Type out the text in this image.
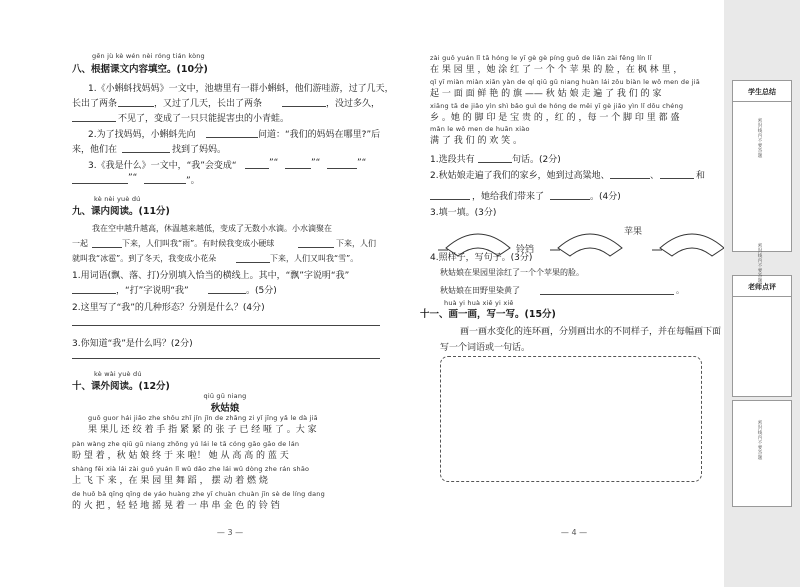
gēn jù kè wén nèi róng tián kòng
八、根据课文内容填空。(10分)
1.《小蝌蚪找妈妈》一文中，池塘里有一群小蝌蚪，他们游哇游，过了几天，
长出了两条	，又过了几天，长出了两条	，没过多久，
不见了，变成了一只只能捉害虫的小青蛙。
2.为了找妈妈，小蝌蚪先向	问道：“我们的妈妈在哪里?”后
来，他们在	找到了妈妈。
3.《我是什么》一文中，“我”会变成“	”“	”“	”“
”“	”。
kè nèi yuè dú
九、课内阅读。(11分)
我在空中越升越高，休温越来越低，变成了无数小水滴。小水滴聚在
一起	下来，人们叫我“雨”。有时候我变成小硬球	下来，人们
就叫我“冰雹”。到了冬天，我变成小花朵	下来，人们又叫我“雪”。
1.用词语(飘、落、打)分别填入恰当的横线上。其中，“飘”字说明“我”
，“打”字说明“我”	。(5分)
2.这里写了“我”的几种形态？分别是什么？(4分)
3.你知道“我”是什么吗？(2分)
kè wài yuè dú
十、课外阅读。(12分)
qiū gū niang
秋姑娘
guǒ guor hái jiǎo zhe shǒu zhǐ jǐn jǐn de zhāng zi yǐ jīng yǎ le dà jiā
果 果儿 还 绞 着 手 指 紧 紧 的 张 子 已 经 哑 了 。大 家
pàn wàng zhe qiū gū niang zhōng yú lái le tā cóng gāo gāo de lán
盼 望 着 ，秋 姑 娘 终 于 来 啦！ 她 从 高 高 的 蓝 天
shàng fēi xià lái zài guǒ yuán lǐ wǔ dǎo zhe lái wǔ dòng zhe rán shāo
上 飞 下 来 ，在 果 园 里 舞 蹈 ， 摆 动 着 燃 烧
de huǒ bǎ qīng qīng de yáo huàng zhe yī chuàn chuàn jīn sè de líng dang
的 火 把 ，轻 轻 地 摇 晃 着 一 串 串 金 色 的 铃 铛
— 3 —
zài guǒ yuán lǐ tā hóng le yī gè gè píng guǒ de liǎn zài fēng lín lǐ
在 果 园 里 ，她 涂 红 了 一 个 个 苹 果 的 脸 ，在 枫 林 里 ，
qǐ yī miàn miàn xiān yàn de qí qiū gū niang huàn lái zǒu biàn le wǒ men de jiā
起 一 面 面 鲜 艳 的 旗 —— 秋 姑 娘 走 遍 了 我 们 的 家
xiāng tā de jiǎo yìn shì bǎo guì de hóng de měi yī gè jiǎo yìn lǐ dōu chéng
乡 。她 的 脚 印 是 宝 贵 的 ，红 的 ，每 一 个 脚 印 里 都 盛
mǎn le wǒ men de huān xiào
满 了 我 们 的 欢 笑 。
1.选段共有	句话。(2分)
2.秋姑娘走遍了我们的家乡，她到过高粱地、	、	和
，她给我们带来了	。(4分)
3.填一填。(3分)
铃铛
苹果
4.照样子，写句子。(3分)
秋姑娘在果园里涂红了一个个苹果的脸。
秋姑娘在田野里染黄了	。
huà yi huà xiě yi xiě
十一、画一画，写一写。(15分)
画一画水变化的连环画，分别画出水的不同样子，并在每幅画下面
写一个词语或一句话。
— 4 —
学生总结
密封线内不要答题
老师点评
密封线内不要答题
密封线内不要答题
